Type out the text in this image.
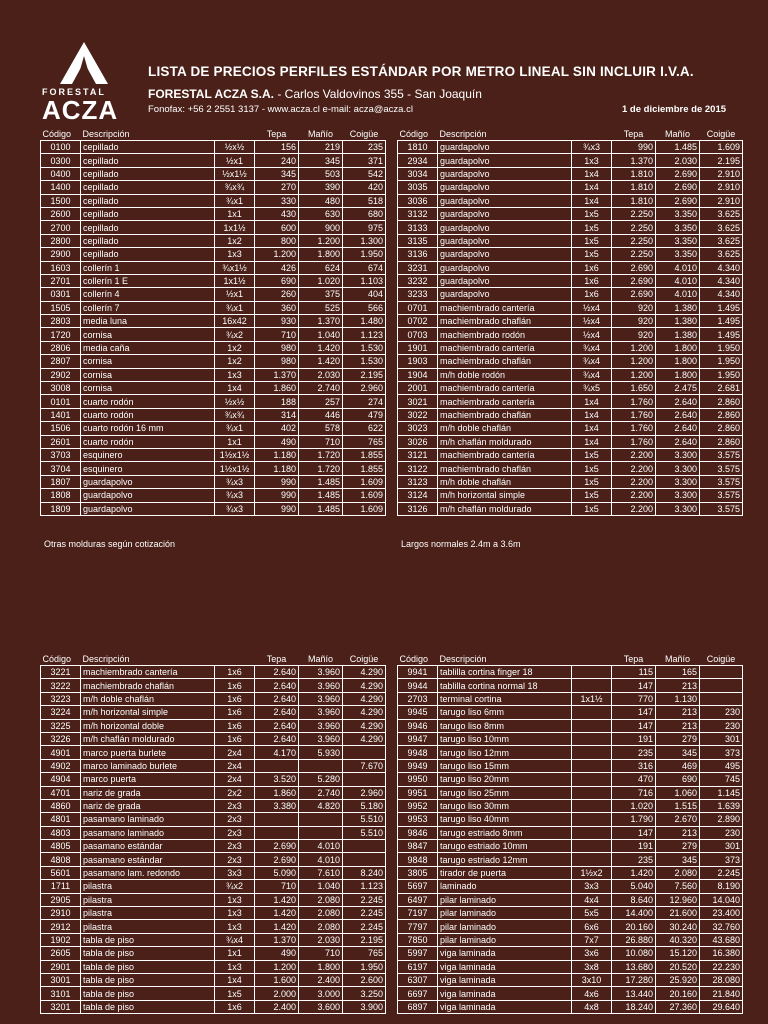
FORESTAL
ACZA
LISTA DE PRECIOS PERFILES ESTÁNDAR POR METRO LINEAL SIN INCLUIR I.V.A.
FORESTAL ACZA S.A. - Carlos Valdovinos 355 - San Joaquín
Fonofax: +56 2 2551 3137 - www.acza.cl e-mail: acza@acza.cl	1 de diciembre de 2015
Código	Descripción		Tepa	Mañío	Coigüe
0100	cepillado	½x½	156	219	235
0300	cepillado	½x1	240	345	371
0400	cepillado	½x1½	345	503	542
1400	cepillado	¾x¾	270	390	420
1500	cepillado	¾x1	330	480	518
2600	cepillado	1x1	430	630	680
2700	cepillado	1x1½	600	900	975
2800	cepillado	1x2	800	1.200	1.300
2900	cepillado	1x3	1.200	1.800	1.950
1603	collerín 1	¾x1½	426	624	674
2701	collerín 1 E	1x1½	690	1.020	1.103
0301	collerín 4	½x1	260	375	404
1505	collerín 7	¾x1	360	525	566
2803	media luna	16x42	930	1.370	1.480
1720	cornisa	¾x2	710	1.040	1.123
2806	media caña	1x2	980	1.420	1.530
2807	cornisa	1x2	980	1.420	1.530
2902	cornisa	1x3	1.370	2.030	2.195
3008	cornisa	1x4	1.860	2.740	2.960
0101	cuarto rodón	½x½	188	257	274
1401	cuarto rodón	¾x¾	314	446	479
1506	cuarto rodón 16 mm	¾x1	402	578	622
2601	cuarto rodón	1x1	490	710	765
3703	esquinero	1½x1½	1.180	1.720	1.855
3704	esquinero	1½x1½	1.180	1.720	1.855
1807	guardapolvo	¾x3	990	1.485	1.609
1808	guardapolvo	¾x3	990	1.485	1.609
1809	guardapolvo	¾x3	990	1.485	1.609
Código	Descripción		Tepa	Mañío	Coigüe
1810	guardapolvo	¾x3	990	1.485	1.609
2934	guardapolvo	1x3	1.370	2.030	2.195
3034	guardapolvo	1x4	1.810	2.690	2.910
3035	guardapolvo	1x4	1.810	2.690	2.910
3036	guardapolvo	1x4	1.810	2.690	2.910
3132	guardapolvo	1x5	2.250	3.350	3.625
3133	guardapolvo	1x5	2.250	3.350	3.625
3135	guardapolvo	1x5	2.250	3.350	3.625
3136	guardapolvo	1x5	2.250	3.350	3.625
3231	guardapolvo	1x6	2.690	4.010	4.340
3232	guardapolvo	1x6	2.690	4.010	4.340
3233	guardapolvo	1x6	2.690	4.010	4.340
0701	machiembrado cantería	½x4	920	1.380	1.495
0702	machiembrado chaflán	½x4	920	1.380	1.495
0703	machiembrado rodón	½x4	920	1.380	1.495
1901	machiembrado cantería	¾x4	1.200	1.800	1.950
1903	machiembrado chaflán	¾x4	1.200	1.800	1.950
1904	m/h doble rodón	¾x4	1.200	1.800	1.950
2001	machiembrado cantería	¾x5	1.650	2.475	2.681
3021	machiembrado cantería	1x4	1.760	2.640	2.860
3022	machiembrado chaflán	1x4	1.760	2.640	2.860
3023	m/h doble chaflán	1x4	1.760	2.640	2.860
3026	m/h chaflán moldurado	1x4	1.760	2.640	2.860
3121	machiembrado cantería	1x5	2.200	3.300	3.575
3122	machiembrado chaflán	1x5	2.200	3.300	3.575
3123	m/h doble chaflán	1x5	2.200	3.300	3.575
3124	m/h horizontal simple	1x5	2.200	3.300	3.575
3126	m/h chaflán moldurado	1x5	2.200	3.300	3.575
Otras molduras según cotización	Largos normales 2.4m a 3.6m
Código	Descripción		Tepa	Mañío	Coigüe
3221	machiembrado cantería	1x6	2.640	3.960	4.290
3222	machiembrado chaflán	1x6	2.640	3.960	4.290
3223	m/h doble chaflán	1x6	2.640	3.960	4.290
3224	m/h horizontal simple	1x6	2.640	3.960	4.290
3225	m/h horizontal doble	1x6	2.640	3.960	4.290
3226	m/h chaflán moldurado	1x6	2.640	3.960	4.290
4901	marco puerta burlete	2x4	4.170	5.930	
4902	marco laminado burlete	2x4			7.670
4904	marco puerta	2x4	3.520	5.280	
4701	nariz de grada	2x2	1.860	2.740	2.960
4860	nariz de grada	2x3	3.380	4.820	5.180
4801	pasamano laminado	2x3			5.510
4803	pasamano laminado	2x3			5.510
4805	pasamano estándar	2x3	2.690	4.010	
4808	pasamano estándar	2x3	2.690	4.010	
5601	pasamano lam. redondo	3x3	5.090	7.610	8.240
1711	pilastra	¾x2	710	1.040	1.123
2905	pilastra	1x3	1.420	2.080	2.245
2910	pilastra	1x3	1.420	2.080	2.245
2912	pilastra	1x3	1.420	2.080	2.245
1902	tabla de piso	¾x4	1.370	2.030	2.195
2605	tabla de piso	1x1	490	710	765
2901	tabla de piso	1x3	1.200	1.800	1.950
3001	tabla de piso	1x4	1.600	2.400	2.600
3101	tabla de piso	1x5	2.000	3.000	3.250
3201	tabla de piso	1x6	2.400	3.600	3.900
Código	Descripción		Tepa	Mañío	Coigüe
9941	tablilla cortina finger 18		115	165	
9944	tablilla cortina normal 18		147	213	
2703	terminal cortina	1x1½	770	1.130	
9945	tarugo liso 6mm		147	213	230
9946	tarugo liso 8mm		147	213	230
9947	tarugo liso 10mm		191	279	301
9948	tarugo liso 12mm		235	345	373
9949	tarugo liso 15mm		316	469	495
9950	tarugo liso 20mm		470	690	745
9951	tarugo liso 25mm		716	1.060	1.145
9952	tarugo liso 30mm		1.020	1.515	1.639
9953	tarugo liso 40mm		1.790	2.670	2.890
9846	tarugo estriado 8mm		147	213	230
9847	tarugo estriado 10mm		191	279	301
9848	tarugo estriado 12mm		235	345	373
3805	tirador de puerta	1½x2	1.420	2.080	2.245
5697	laminado	3x3	5.040	7.560	8.190
6497	pilar laminado	4x4	8.640	12.960	14.040
7197	pilar laminado	5x5	14.400	21.600	23.400
7797	pilar laminado	6x6	20.160	30.240	32.760
7850	pilar laminado	7x7	26.880	40.320	43.680
5997	viga laminada	3x6	10.080	15.120	16.380
6197	viga laminada	3x8	13.680	20.520	22.230
6307	viga laminada	3x10	17.280	25.920	28.080
6697	viga laminada	4x6	13.440	20.160	21.840
6897	viga laminada	4x8	18.240	27.360	29.640
